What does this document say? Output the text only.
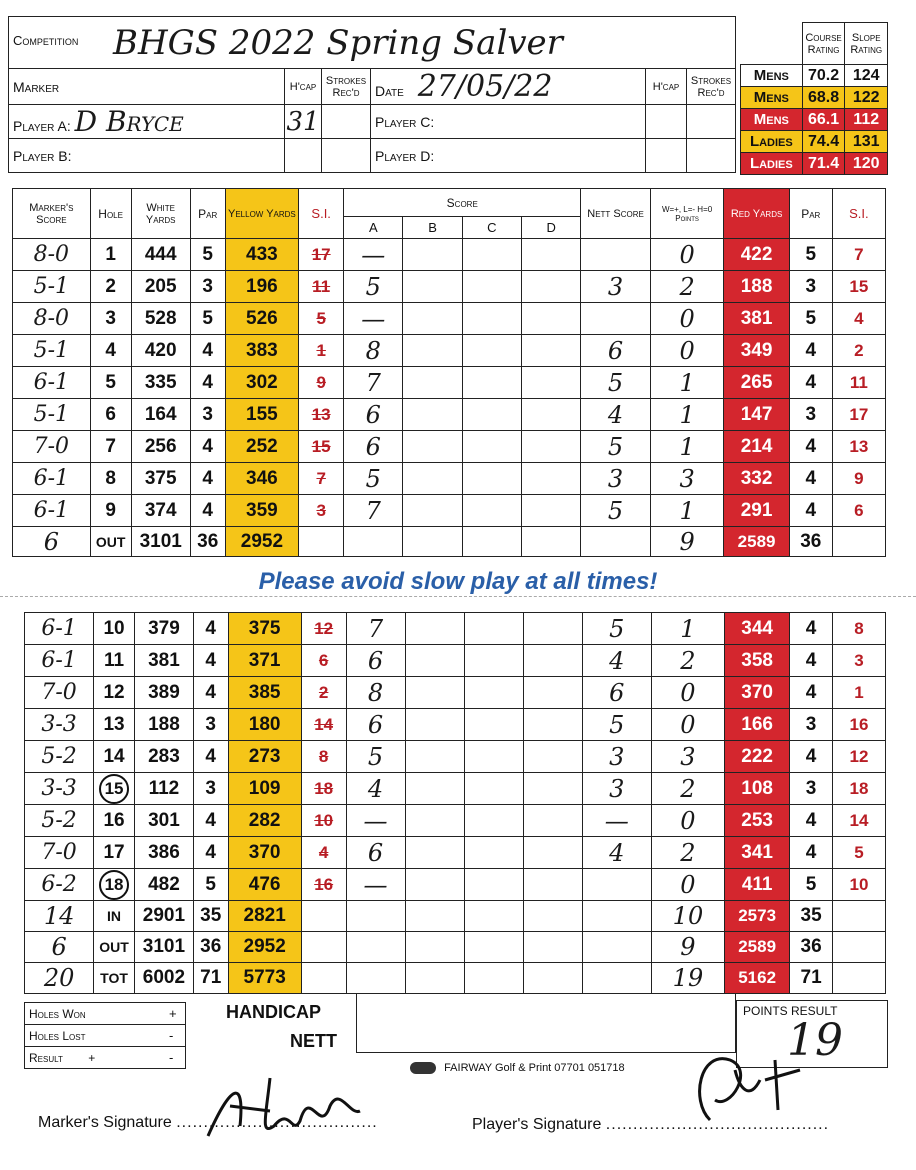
Competition	BHGS 2022 Spring Salver					
Marker		H'cap	Strokes Rec'd	Date 27/05/22	H'cap	Strokes Rec'd
Player A: D Bryce		31		Player C:		
Player B:				Player D:		
	Course Rating	Slope Rating
Mens	70.2	124
Mens	68.8	122
Mens	66.1	112
Ladies	74.4	131
Ladies	71.4	120
Marker's Score	Hole	White Yards	Par	Yellow Yards	S.I.	Score				Nett Score	W=+, L=- H=0 Points	Red Yards	Par	S.I.
						A	B	C	D					
8-0	1	444	5	433	17	—					0	422	5	7
5-1	2	205	3	196	11	5				3	2	188	3	15
8-0	3	528	5	526	5	—					0	381	5	4
5-1	4	420	4	383	1	8				6	0	349	4	2
6-1	5	335	4	302	9	7				5	1	265	4	11
5-1	6	164	3	155	13	6				4	1	147	3	17
7-0	7	256	4	252	15	6				5	1	214	4	13
6-1	8	375	4	346	7	5				3	3	332	4	9
6-1	9	374	4	359	3	7				5	1	291	4	6
6	OUT	3101	36	2952							9	2589	36	
Please avoid slow play at all times!
6-1	10	379	4	375	12	7				5	1	344	4	8
6-1	11	381	4	371	6	6				4	2	358	4	3
7-0	12	389	4	385	2	8				6	0	370	4	1
3-3	13	188	3	180	14	6				5	0	166	3	16
5-2	14	283	4	273	8	5				3	3	222	4	12
3-3	15	112	3	109	18	4				3	2	108	3	18
5-2	16	301	4	282	10	—				—	0	253	4	14
7-0	17	386	4	370	4	6				4	2	341	4	5
6-2	18	482	5	476	16	—					0	411	5	10
14	IN	2901	35	2821							10	2573	35	
6	OUT	3101	36	2952							9	2589	36	
20	TOT	6002	71	5773							19	5162	71	
Holes Won	+
Holes Lost	-
Result +	-
HANDICAP
NETT
POINTS RESULT
19
FAIRWAY Golf & Print 07701 051718
Marker's Signature .....................................	Player's Signature .........................................
